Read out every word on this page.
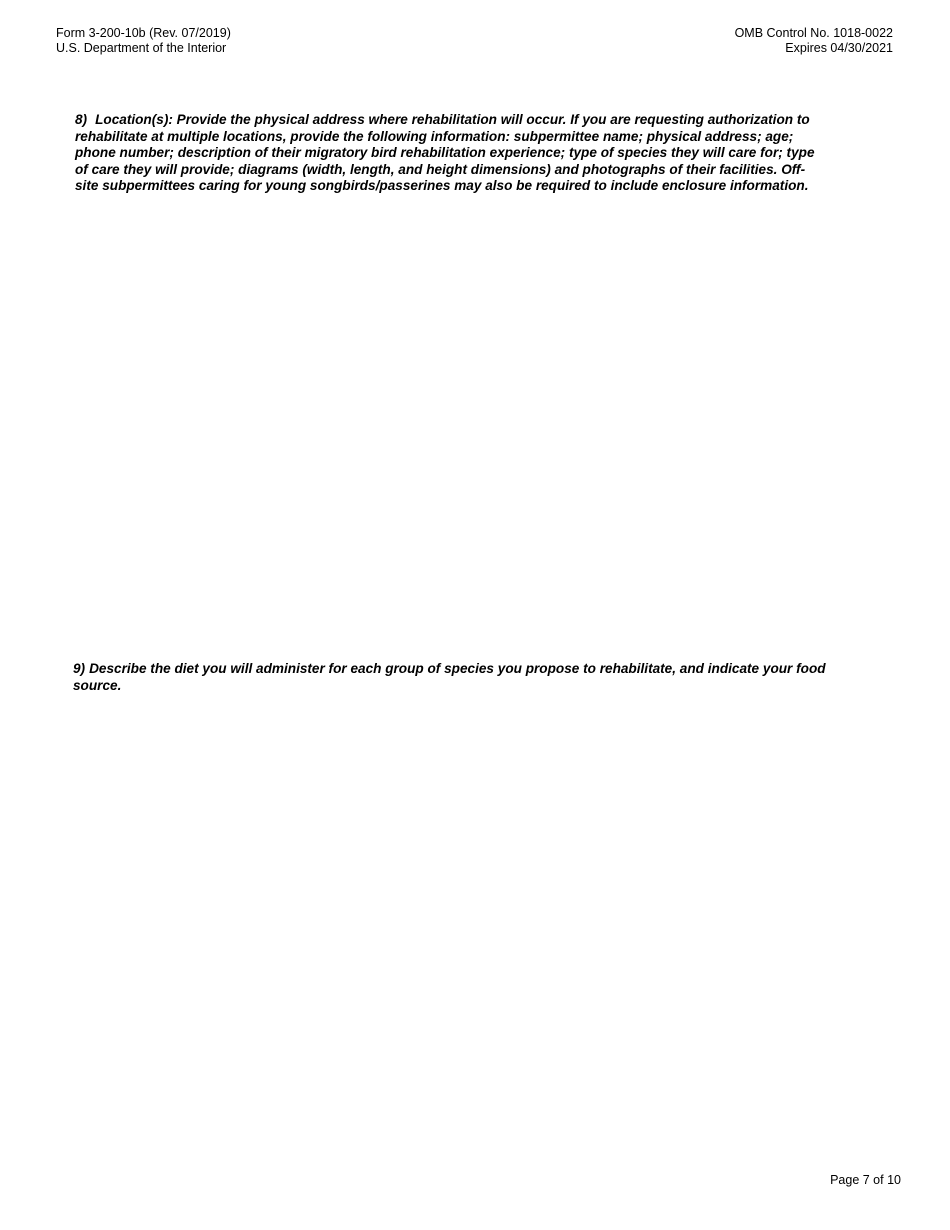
Form 3-200-10b (Rev. 07/2019)
U.S. Department of the Interior
OMB Control No. 1018-0022
Expires 04/30/2021
8) Location(s): Provide the physical address where rehabilitation will occur. If you are requesting authorization to
rehabilitate at multiple locations, provide the following information: subpermittee name; physical address; age;
phone number; description of their migratory bird rehabilitation experience; type of species they will care for; type
of care they will provide; diagrams (width, length, and height dimensions) and photographs of their facilities. Off-
site subpermittees caring for young songbirds/passerines may also be required to include enclosure information.
9) Describe the diet you will administer for each group of species you propose to rehabilitate, and indicate your food
source.
Page 7 of 10
